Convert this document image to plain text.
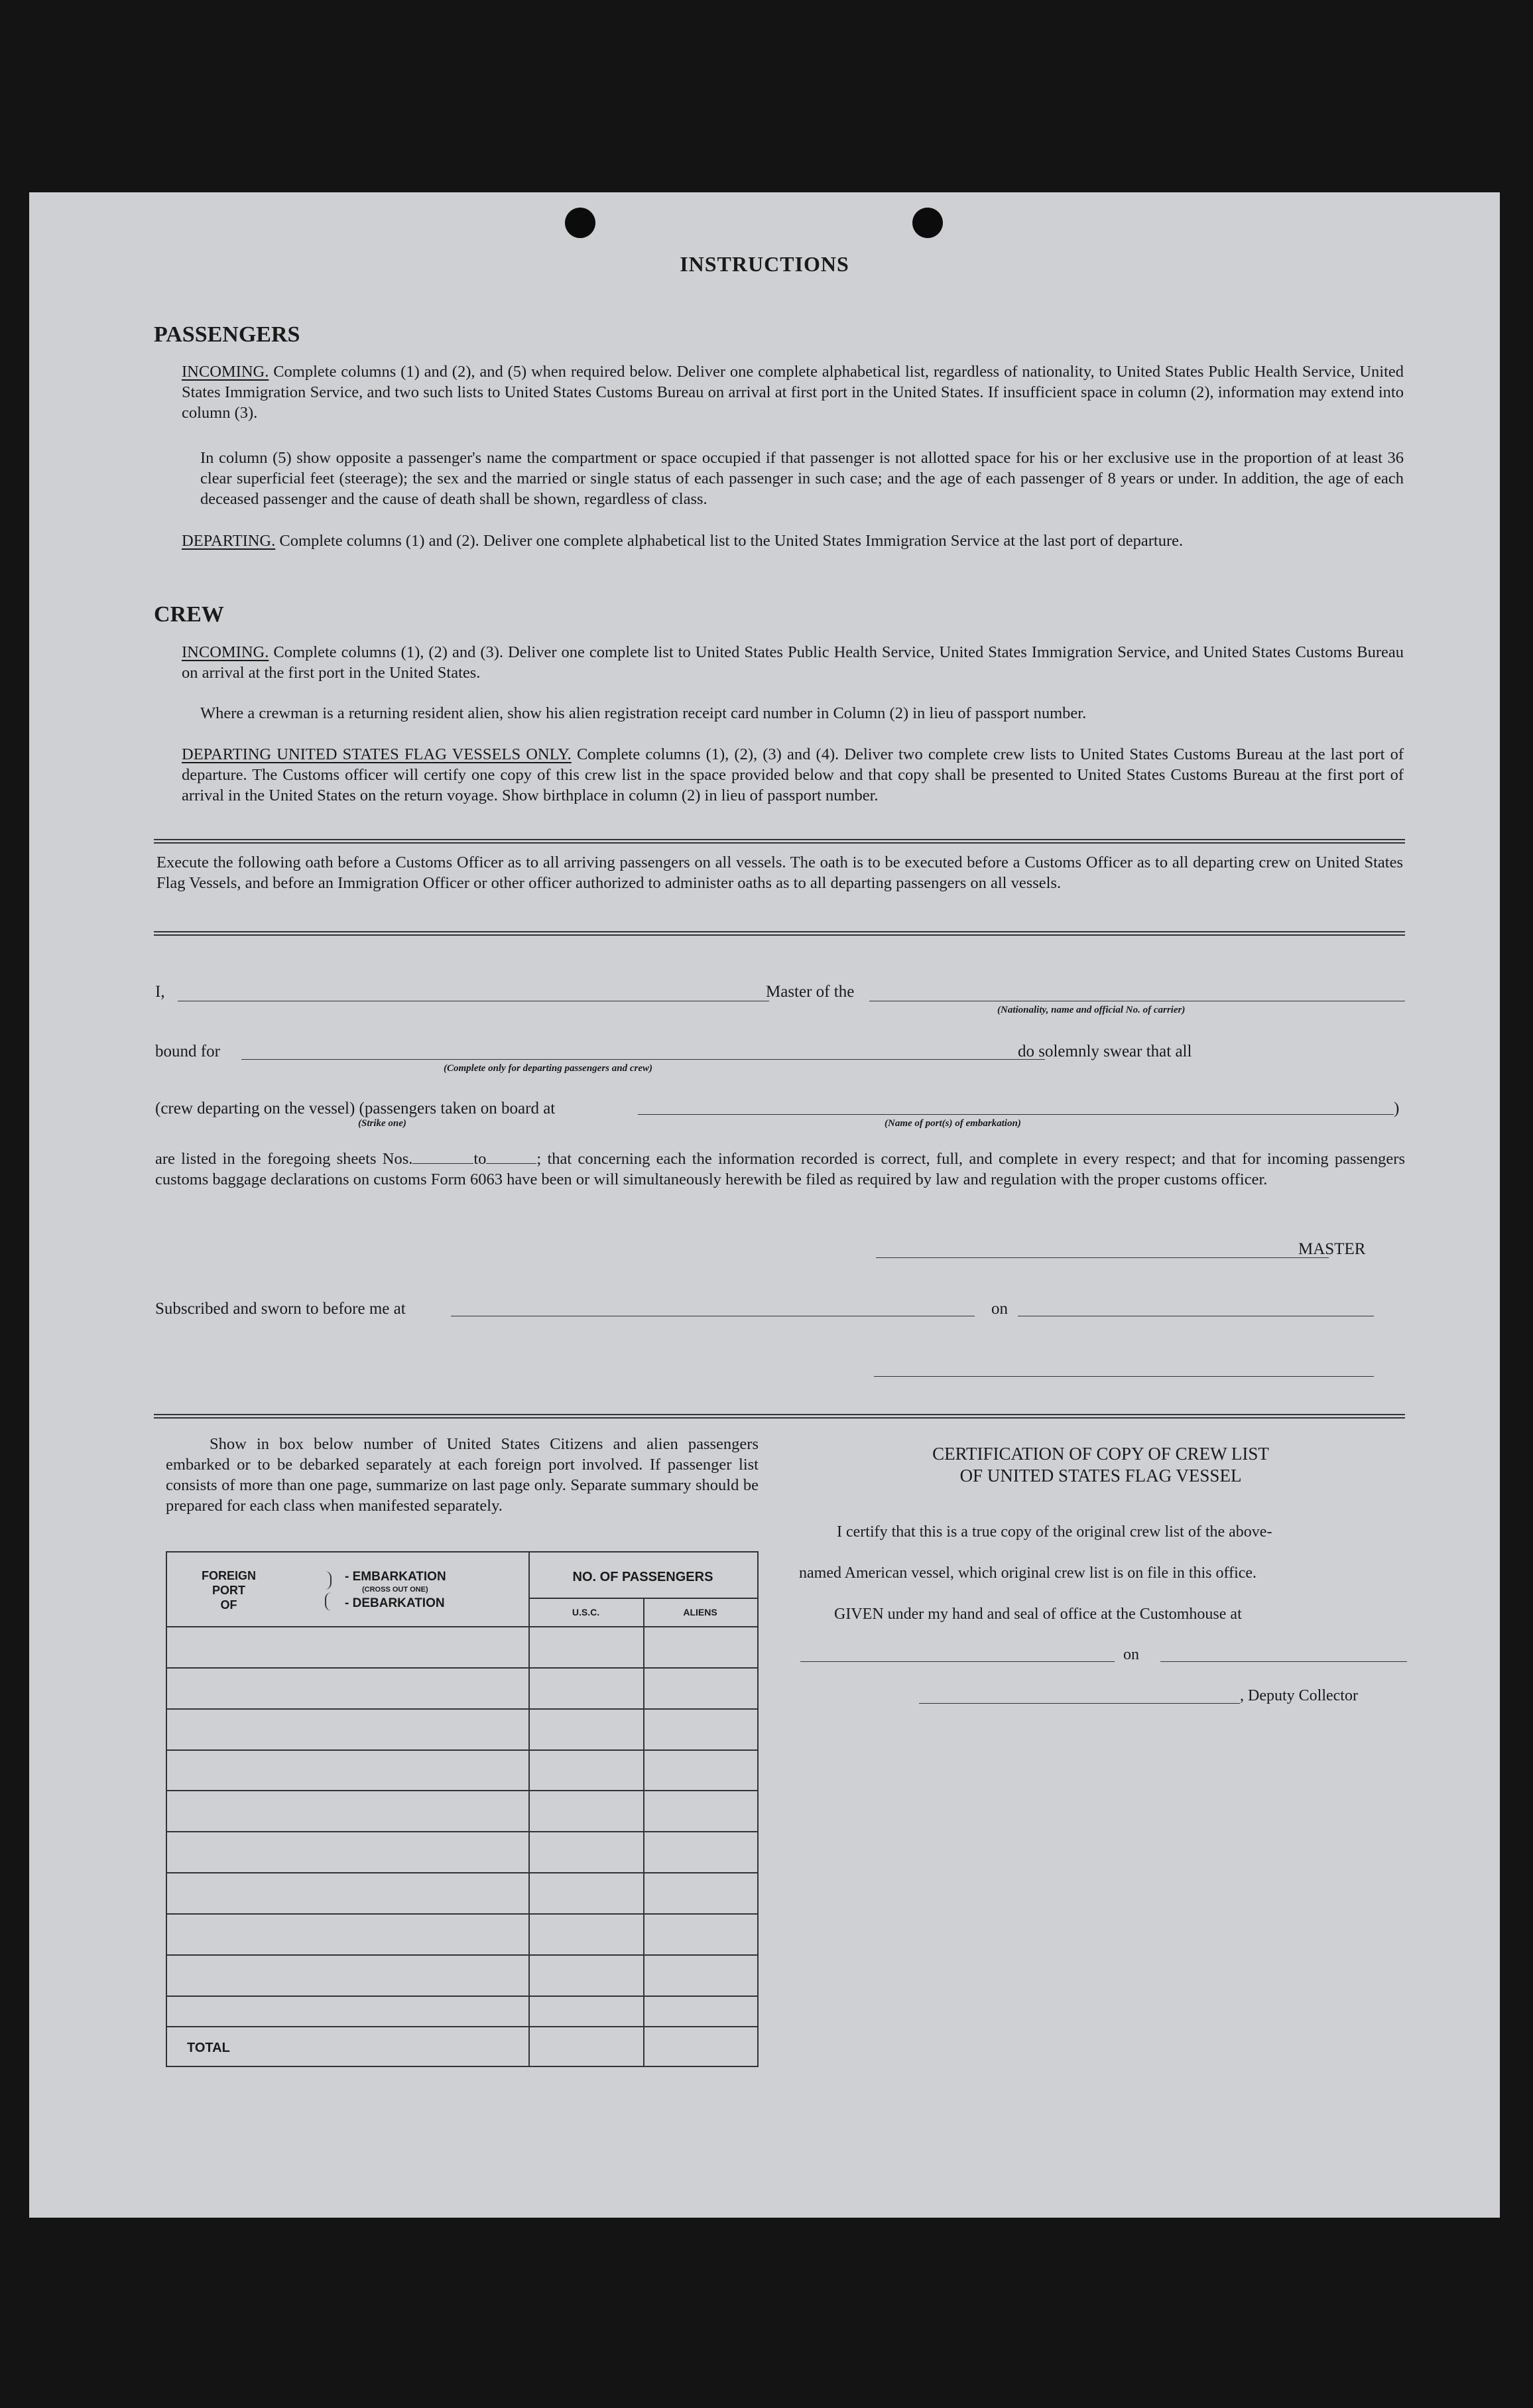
INSTRUCTIONS
PASSENGERS
INCOMING. Complete columns (1) and (2), and (5) when required below. Deliver one complete alphabetical list, regardless of nationality, to United States Public Health Service, United States Immigration Service, and two such lists to United States Customs Bureau on arrival at first port in the United States. If insufficient space in column (2), information may extend into column (3).
In column (5) show opposite a passenger's name the compartment or space occupied if that passenger is not allotted space for his or her exclusive use in the proportion of at least 36 clear superficial feet (steerage); the sex and the married or single status of each passenger in such case; and the age of each passenger of 8 years or under. In addition, the age of each deceased passenger and the cause of death shall be shown, regardless of class.
DEPARTING. Complete columns (1) and (2). Deliver one complete alphabetical list to the United States Immigration Service at the last port of departure.
CREW
INCOMING. Complete columns (1), (2) and (3). Deliver one complete list to United States Public Health Service, United States Immigration Service, and United States Customs Bureau on arrival at the first port in the United States.
Where a crewman is a returning resident alien, show his alien registration receipt card number in Column (2) in lieu of passport number.
DEPARTING UNITED STATES FLAG VESSELS ONLY. Complete columns (1), (2), (3) and (4). Deliver two complete crew lists to United States Customs Bureau at the last port of departure. The Customs officer will certify one copy of this crew list in the space provided below and that copy shall be presented to United States Customs Bureau at the first port of arrival in the United States on the return voyage. Show birthplace in column (2) in lieu of passport number.
Execute the following oath before a Customs Officer as to all arriving passengers on all vessels. The oath is to be executed before a Customs Officer as to all departing crew on United States Flag Vessels, and before an Immigration Officer or other officer authorized to administer oaths as to all departing passengers on all vessels.
I,	Master of the
(Nationality, name and official No. of carrier)
bound for	do solemnly swear that all
(Complete only for departing passengers and crew)
(crew departing on the vessel) (passengers taken on board at	)
(Strike one)	(Name of port(s) of embarkation)
are listed in the foregoing sheets Nos.	to	; that concerning each the information recorded is correct, full, and complete in every respect; and that for incoming passengers customs baggage declarations on customs Form 6063 have been or will simultaneously herewith be filed as required by law and regulation with the proper customs officer.
MASTER
Subscribed and sworn to before me at	on
Show in box below number of United States Citizens and alien passengers embarked or to be debarked separately at each foreign port involved. If passenger list consists of more than one page, summarize on last page only. Separate summary should be prepared for each class when manifested separately.
FOREIGN
PORT
OF
- EMBARKATION
(CROSS OUT ONE)
- DEBARKATION
NO. OF PASSENGERS
U.S.C.	ALIENS
TOTAL
CERTIFICATION OF COPY OF CREW LIST
OF UNITED STATES FLAG VESSEL
I certify that this is a true copy of the original crew list of the above-
named American vessel, which original crew list is on file in this office.
GIVEN under my hand and seal of office at the Customhouse at
on
, Deputy Collector
